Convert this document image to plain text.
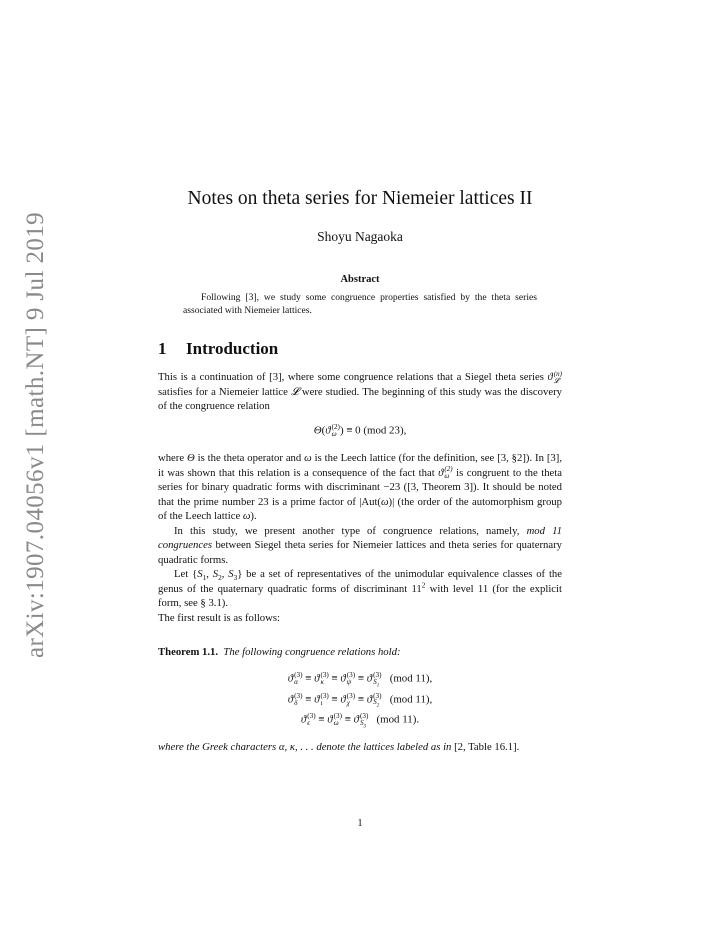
arXiv:1907.04056v1 [math.NT] 9 Jul 2019
Notes on theta series for Niemeier lattices II
Shoyu Nagaoka
Abstract

Following [3], we study some congruence properties satisfied by the theta series associated with Niemeier lattices.

1 Introduction

This is a continuation of [3], where some congruence relations that a Siegel theta series ϑ (n)
𝓛
satisfies for a Niemeier lattice 𝓛 were studied. The beginning of this study was the discovery of the congruence relation

Θ(ϑ (2)
ω ) ≡ 0 (mod 23),

where Θ is the theta operator and ω is the Leech lattice (for the definition, see [3, §2]). In [3], it was shown that this relation is a consequence of the fact that ϑ (2)
ω is congruent to the theta series for binary quadratic forms with discriminant −23 ([3, Theorem 3]). It should be noted that the prime number 23 is a prime factor of |Aut(ω)| (the order of the automorphism group of the Leech lattice ω).

In this study, we present another type of congruence relations, namely, mod 11 congruences between Siegel theta series for Niemeier lattices and theta series for quaternary quadratic forms.

Let {$S_1$, $S_2$, $S_3$} be a set of representatives of the unimodular equivalence classes of the genus of the quaternary quadratic forms of discriminant $11^2$ with level 11 (for the explicit form, see § 3.1).

The first result is as follows:

Theorem 1.1. The following congruence relations hold:
ϑ (3)
α ≡ ϑ (3)
κ ≡ ϑ (3)
ψ ≡ ϑ (3)
$S_1$
(mod 11),
ϑ (3)
δ ≡ ϑ (3)
ι ≡ ϑ (3)
χ ≡ ϑ (3)
$S_2$
(mod 11),
ϑ (3)
ϵ ≡ ϑ (3)
ω ≡ ϑ (3)
$S_3$
(mod 11).
where the Greek characters α, κ, . . . denote the lattices labeled as in [2, Table 16.1].
1
